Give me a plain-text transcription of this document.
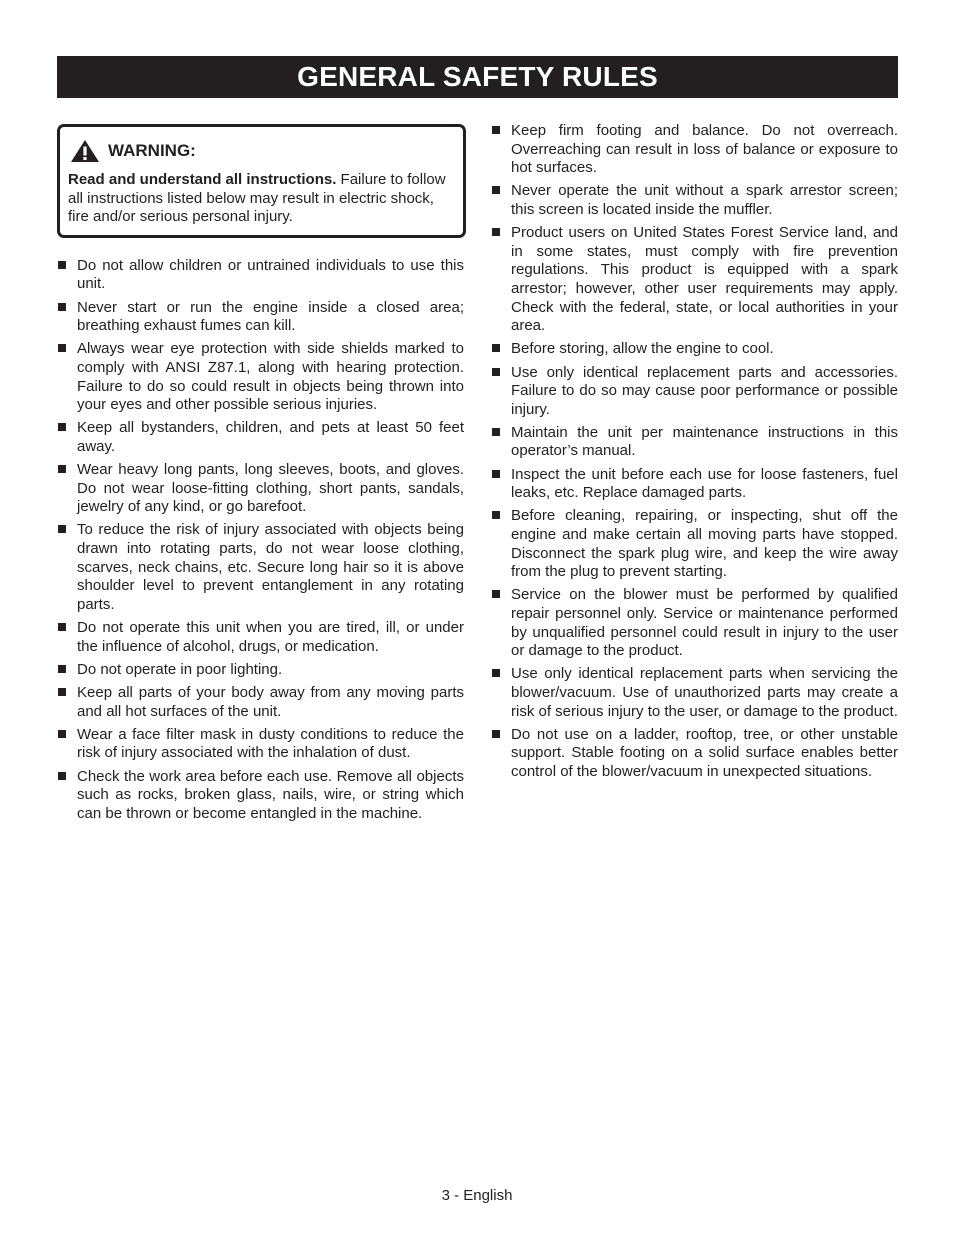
GENERAL SAFETY RULES
WARNING:
Read and understand all instructions. Failure to follow all instructions listed below may result in electric shock, fire and/or serious personal injury.
Do not allow children or untrained individuals to use this unit.
Never start or run the engine inside a closed area; breathing exhaust fumes can kill.
Always wear eye protection with side shields marked to comply with ANSI Z87.1, along with hearing protection. Failure to do so could result in objects being thrown into your eyes and other possible serious injuries.
Keep all bystanders, children, and pets at least 50 feet away.
Wear heavy long pants, long sleeves, boots, and gloves. Do not wear loose-fitting clothing, short pants, sandals, jewelry of any kind, or go barefoot.
To reduce the risk of injury associated with objects being drawn into rotating parts, do not wear loose clothing, scarves, neck chains, etc. Secure long hair so it is above shoulder level to prevent entanglement in any rotating parts.
Do not operate this unit when you are tired, ill, or under the influence of alcohol, drugs, or medication.
Do not operate in poor lighting.
Keep all parts of your body away from any moving parts and all hot surfaces of the unit.
Wear a face filter mask in dusty conditions to reduce the risk of injury associated with the inhalation of dust.
Check the work area before each use. Remove all objects such as rocks, broken glass, nails, wire, or string which can be thrown or become entangled in the machine.
Keep firm footing and balance. Do not overreach. Overreaching can result in loss of balance or exposure to hot surfaces.
Never operate the unit without a spark arrestor screen; this screen is located inside the muffler.
Product users on United States Forest Service land, and in some states, must comply with fire prevention regulations. This product is equipped with a spark arrestor; however, other user requirements may apply. Check with the federal, state, or local authorities in your area.
Before storing, allow the engine to cool.
Use only identical replacement parts and accessories. Failure to do so may cause poor performance or possible injury.
Maintain the unit per maintenance instructions in this operator’s manual.
Inspect the unit before each use for loose fasteners, fuel leaks, etc. Replace damaged parts.
Before cleaning, repairing, or inspecting, shut off the engine and make certain all moving parts have stopped. Disconnect the spark plug wire, and keep the wire away from the plug to prevent starting.
Service on the blower must be performed by qualified repair personnel only. Service or maintenance performed by unqualified personnel could result in injury to the user or damage to the product.
Use only identical replacement parts when servicing the blower/vacuum. Use of unauthorized parts may create a risk of serious injury to the user, or damage to the product.
Do not use on a ladder, rooftop, tree, or other unstable support. Stable footing on a solid surface enables better control of the blower/vacuum in unexpected situations.
3 - English
